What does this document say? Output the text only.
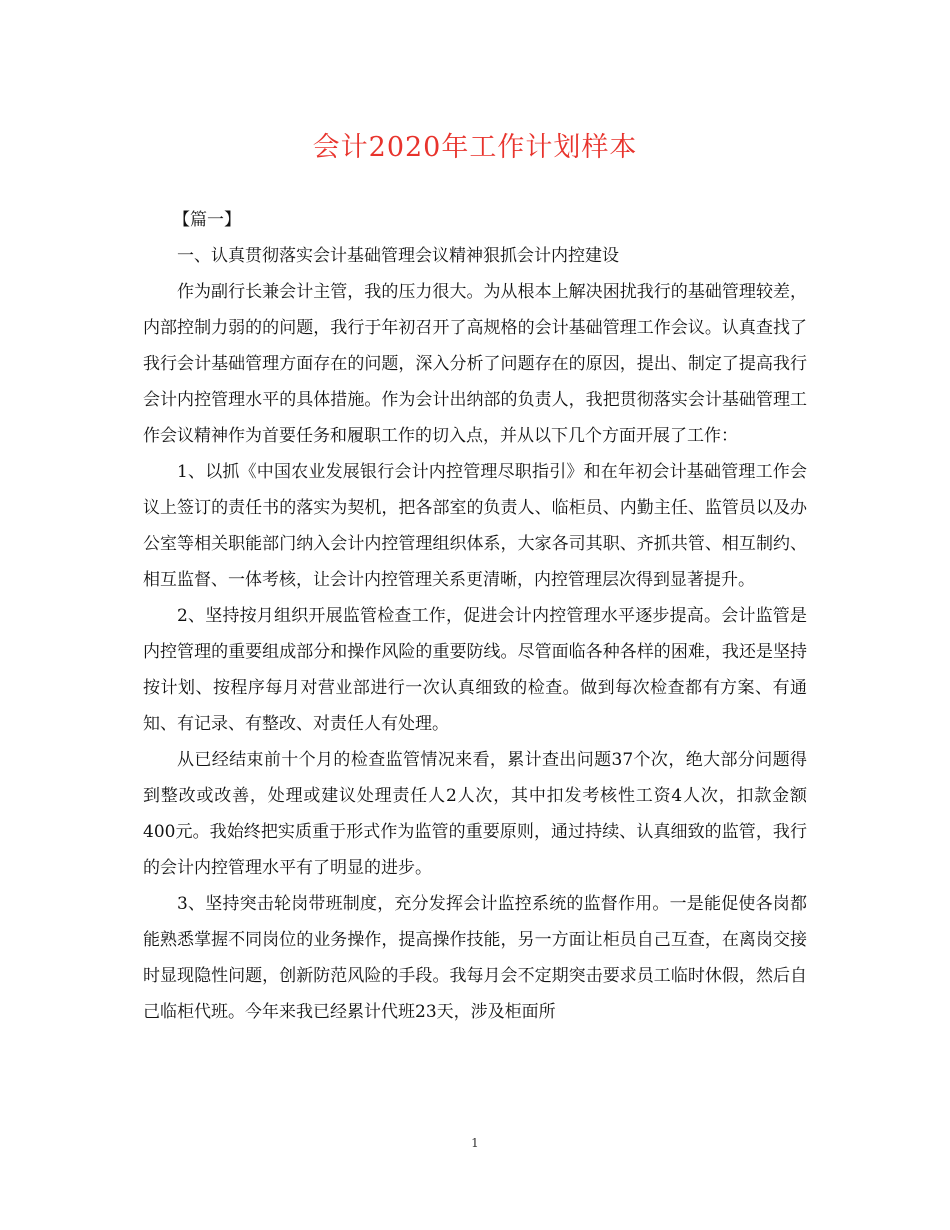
会计2020年工作计划样本

【篇一】

一、认真贯彻落实会计基础管理会议精神狠抓会计内控建设

作为副行长兼会计主管，我的压力很大。为从根本上解决困扰我行的基础管理较差，内部控制力弱的的问题，我行于年初召开了高规格的会计基础管理工作会议。认真查找了我行会计基础管理方面存在的问题，深入分析了问题存在的原因，提出、制定了提高我行会计内控管理水平的具体措施。作为会计出纳部的负责人，我把贯彻落实会计基础管理工作会议精神作为首要任务和履职工作的切入点，并从以下几个方面开展了工作：

1、以抓《中国农业发展银行会计内控管理尽职指引》和在年初会计基础管理工作会议上签订的责任书的落实为契机，把各部室的负责人、临柜员、内勤主任、监管员以及办公室等相关职能部门纳入会计内控管理组织体系，大家各司其职、齐抓共管、相互制约、相互监督、一体考核，让会计内控管理关系更清晰，内控管理层次得到显著提升。

2、坚持按月组织开展监管检查工作，促进会计内控管理水平逐步提高。会计监管是内控管理的重要组成部分和操作风险的重要防线。尽管面临各种各样的困难，我还是坚持按计划、按程序每月对营业部进行一次认真细致的检查。做到每次检查都有方案、有通知、有记录、有整改、对责任人有处理。

从已经结束前十个月的检查监管情况来看，累计查出问题37个次，绝大部分问题得到整改或改善，处理或建议处理责任人2人次，其中扣发考核性工资4人次，扣款金额400元。我始终把实质重于形式作为监管的重要原则，通过持续、认真细致的监管，我行的会计内控管理水平有了明显的进步。

3、坚持突击轮岗带班制度，充分发挥会计监控系统的监督作用。一是能促使各岗都能熟悉掌握不同岗位的业务操作，提高操作技能，另一方面让柜员自己互查，在离岗交接时显现隐性问题，创新防范风险的手段。我每月会不定期突击要求员工临时休假，然后自己临柜代班。今年来我已经累计代班23天，涉及柜面所

1
